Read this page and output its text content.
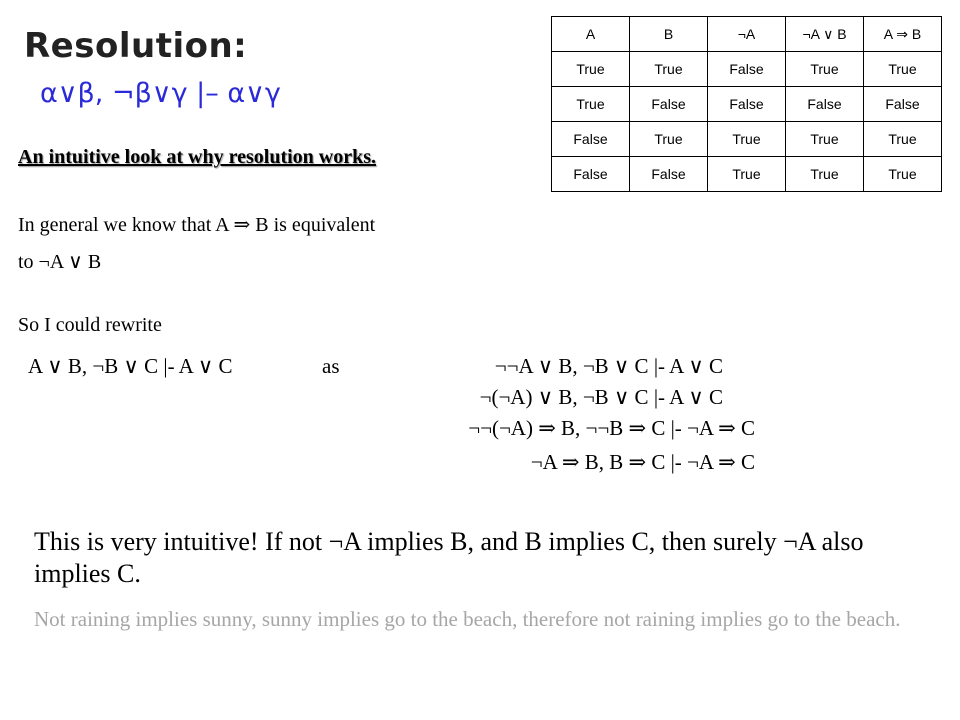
Resolution:
α∨β, ¬β∨γ |– α∨γ
An intuitive look at why resolution works.
In general we know that A ⇒ B is equivalent
to ¬A ∨ B
So I could rewrite
A ∨ B, ¬B ∨ C |- A ∨ C	as	¬¬A ∨ B, ¬B ∨ C |- A ∨ C
¬(¬A) ∨ B, ¬B ∨ C |- A ∨ C
¬¬(¬A) ⇒ B, ¬¬B ⇒ C |- ¬A ⇒ C
¬A ⇒ B, B ⇒ C |- ¬A ⇒ C
This is very intuitive! If not ¬A implies B, and B implies C, then surely ¬A also implies C.
Not raining implies sunny, sunny implies go to the beach, therefore not raining implies go to the beach.
A	B	¬A	¬A ∨ B	A ⇒ B
True	True	False	True	True
True	False	False	False	False
False	True	True	True	True
False	False	True	True	True
